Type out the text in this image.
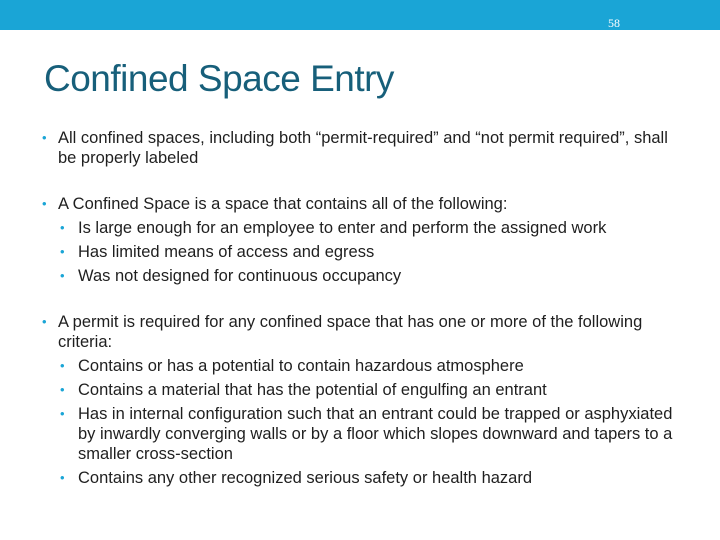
58
Confined Space Entry
• All confined spaces, including both “permit-required” and “not permit required”, shall be properly labeled
• A Confined Space is a space that contains all of the following:
• Is large enough for an employee to enter and perform the assigned work
• Has limited means of access and egress
• Was not designed for continuous occupancy
• A permit is required for any confined space that has one or more of the following criteria:
• Contains or has a potential to contain hazardous atmosphere
• Contains a material that has the potential of engulfing an entrant
• Has in internal configuration such that an entrant could be trapped or asphyxiated by inwardly converging walls or by a floor which slopes downward and tapers to a smaller cross-section
• Contains any other recognized serious safety or health hazard
